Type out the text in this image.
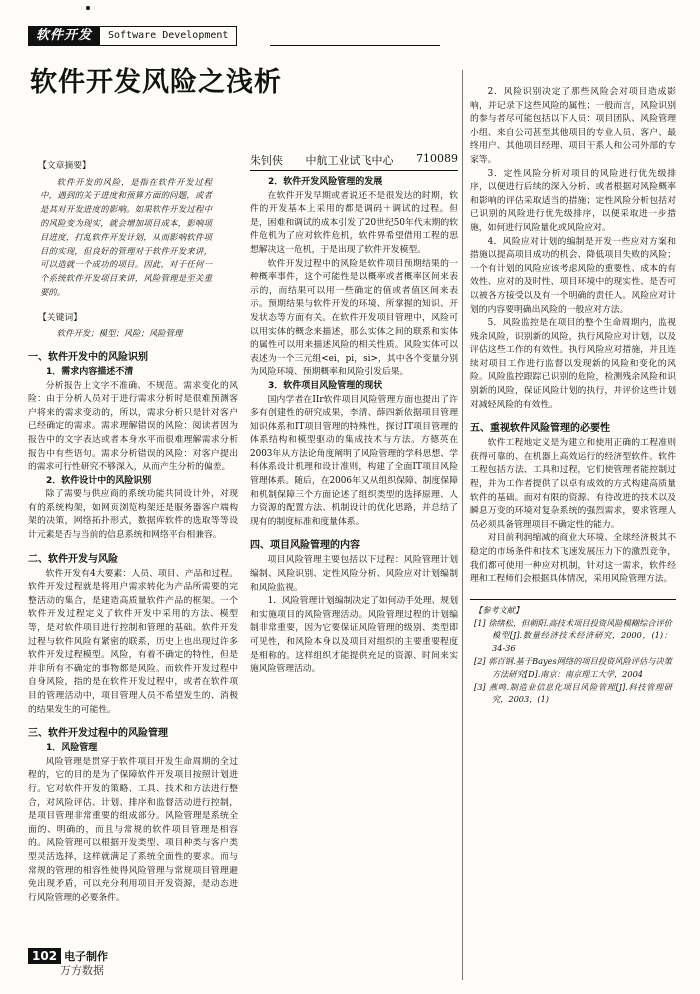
软件开发	Software Development
软件开发风险之浅析
朱钊侠 中航工业试飞中心 710089
【文章摘要】

软件开发的风险，是指在软件开发过程中，遇到的关于进度和预算方面的问题，或者是其对开发进度的影响。如果软件开发过程中的风险变为现实，就会增加项目成本，影响项目进度，打乱软件开发计划，从而影响软件项目的实现，但良好的管理对于软件开发来讲，可以造就一个成功的项目。因此，对于任何一个系统软件开发项目来讲，风险管理是至关重要的。

【关键词】

软件开发；模型；风险；风险管理

一、软件开发中的风险识别

1．需求内容描述不清

分析报告上文字不准确、不规范。需求变化的风险：由于分析人员对于进行需求分析时是很难预测客户将来的需求变动的，所以，需求分析只是针对客户已经确定的需求。需求理解错误的风险：阅读者因为报告中的文字表达或者本身水平而很难理解需求分析报告中有些语句。需求分析错误的风险：对客户提出的需求可行性研究不够深入，从而产生分析的偏差。

2．软件设计中的风险识别

除了需要与供应商的系统功能共同设计外，对现有的系统构架，如网页浏览构架还是服务器客户端构架的决策，网络拓扑形式，数据库软件的选取等等设计元素是否与当前的信息系统和网络平台相兼容。

二、软件开发与风险

软件开发有4大要素：人员、项目、产品和过程。软件开发过程就是将用户需求转化为产品所需要的完整活动的集合，是建造高质量软件产品的框架。一个软件开发过程定义了软件开发中采用的方法、模型等，是对软件项目进行控制和管理的基础。软件开发过程与软件风险有紧密的联系，历史上也出现过许多软件开发过程模型。风险，有着不确定的特性，但是并非所有不确定的事物都是风险。而软件开发过程中自身风险，指的是在软件开发过程中，或者在软件项目的管理活动中，项目管理人员不希望发生的、消极的结果发生的可能性。

三、软件开发过程中的风险管理

1．风险管理

风险管理是贯穿于软件项目开发生命周期的全过程的，它的目的是为了保障软件开发项目按照计划进行。它对软件开发的策略、工具、技术和方法进行整合，对风险评估、计划、排序和监督活动进行控制，是项目管理非常重要的组成部分。风险管理是系统全面的、明确的，而且与常规的软件项目管理是相容的。风险管理可以根据开发类型、项目种类与客户类型灵活选择，这样就满足了系统全面性的要求。而与常规的管理的相容性使得风险管理与常规项目管理避免出现矛盾，可以充分利用项目开发资源，是动态进行风险管理的必要条件。

2．软件开发风险管理的发展

在软件开发早期或者说还不是很发达的时期，软件的开发基本上采用的都是调码＋调试的过程。但是，困难和调试的成本引发了20世纪50年代末期的软件危机为了应对软件危机，软件界希望借用工程的思想解决这一危机，于是出现了软件开发模型。

软件开发过程中的风险是软件项目预期结果的一种概率事件，这个可能性是以概率或者概率区间来表示的，而结果可以用一些确定的值或者值区间来表示。预期结果与软件开发的环境、所掌握的知识、开发状态等方面有关。在软件开发项目管理中，风险可以用实体的概念来描述，那么实体之间的联系和实体的属性可以用来描述风险的相关性质。风险实体可以表述为一个三元组<ei，pi，si>，其中各个变量分别为风险环境、预期概率和风险引发后果。

3．软件项目风险管理的现状

国内学者在IIr软件项目风险管理方面也提出了许多有创建性的研究成果，李清、薛四新依据项目管理知识体系和IT项目管理的特殊性，探讨IT项目管理的体系结构和模型驱动的集成技术与方法。方德英在2003年从方法论角度阐明了风险管理的学科思想、学科体系设计机理和设计准则，构建了全面IT项目风险管理体系。随后，在2006年又从组织保障、制度保障和机制保障三个方面论述了组织类型的选择原理、人力资源的配置方法、机制设计的优化思路，并总结了现有的制度标准和度量体系。

四、项目风险管理的内容

项目风险管理主要包括以下过程：风险管理计划编制、风险识别、定性风险分析、风险应对计划编制和风险监视。

1．风险管理计划编制决定了如何动手处理、规划和实施项目的风险管理活动。风险管理过程的计划编制非常重要，因为它要保证风险管理的级别、类型即可见性，和风险本身以及项目对组织的主要重要程度是相称的。这样组织才能提供充足的资源、时间来实施风险管理活动。

2．风险识别决定了那些风险会对项目造成影响，并记录下这些风险的属性；一般而言，风险识别的参与者尽可能包括以下人员：项目团队、风险管理小组、来自公司甚至其他项目的专业人员、客户、最终用户、其他项目经理、项目干系人和公司外部的专家等。

3．定性风险分析对项目的风险进行优先级排序，以便进行后续的深入分析、或者根据对风险概率和影响的评估采取适当的措施；定性风险分析包括对已识别的风险进行优先级排序，以便采取进一步措施，如何进行风险量化或风险应对。

4．风险应对计划的编制是开发一些应对方案和措施以提高项目成功的机会、降低项目失败的风险；一个有计划的风险应该考虑风险的重要性、成本的有效性、应对的及时性、项目环境中的现实性、是否可以被各方接受以及有一个明确的责任人。风险应对计划的内容要明确出风险的一般应对方法。

5．风险监控是在项目的整个生命周期内，监视残余风险，识别新的风险，执行风险应对计划，以及评估这些工作的有效性。执行风险应对措施，并且连续对项目工作进行监督以发现新的风险和变化的风险。风险监控跟踪已识别的危险，检测残余风险和识别新的风险，保证风险计划的执行，并评价这些计划对减轻风险的有效性。

五、重视软件风险管理的必要性

软件工程地定义是为建立和使用正确的工程准则获得可靠的、在机器上高效运行的经济型软件。软件工程包括方法、工具和过程，它们使管理者能控制过程，并为工作者提供了以卓有成效的方式构建高质量软件的基础。面对有限的资源、有待改进的技术以及瞬息万变的环境对复杂系统的强烈需求，要求管理人员必须具备管理项目不确定性的能力。

对目前利润缩减的商业大环境、全球经济极其不稳定的市场条件和技术飞速发展压力下的激烈竞争，我们都可使用一种应对机制，针对这一需求，软件经理和工程师们会根据具体情况，采用风险管理方法。

【参考文献】

[1] 徐绪松，但朝阳.高技术项目投资风险模糊综合评价模型[J].数量经济技术经济研究，2000，(1)：34-36

[2] 郭百钢.基于Bayes网络的项目投资风险评估与决策方法研究[D].南京：南京理工大学，2004

[3] 燕鸣.制造业信息化项目风险管理[J].科技管理研究，2003，(1)

102 电子制作
万方数据
